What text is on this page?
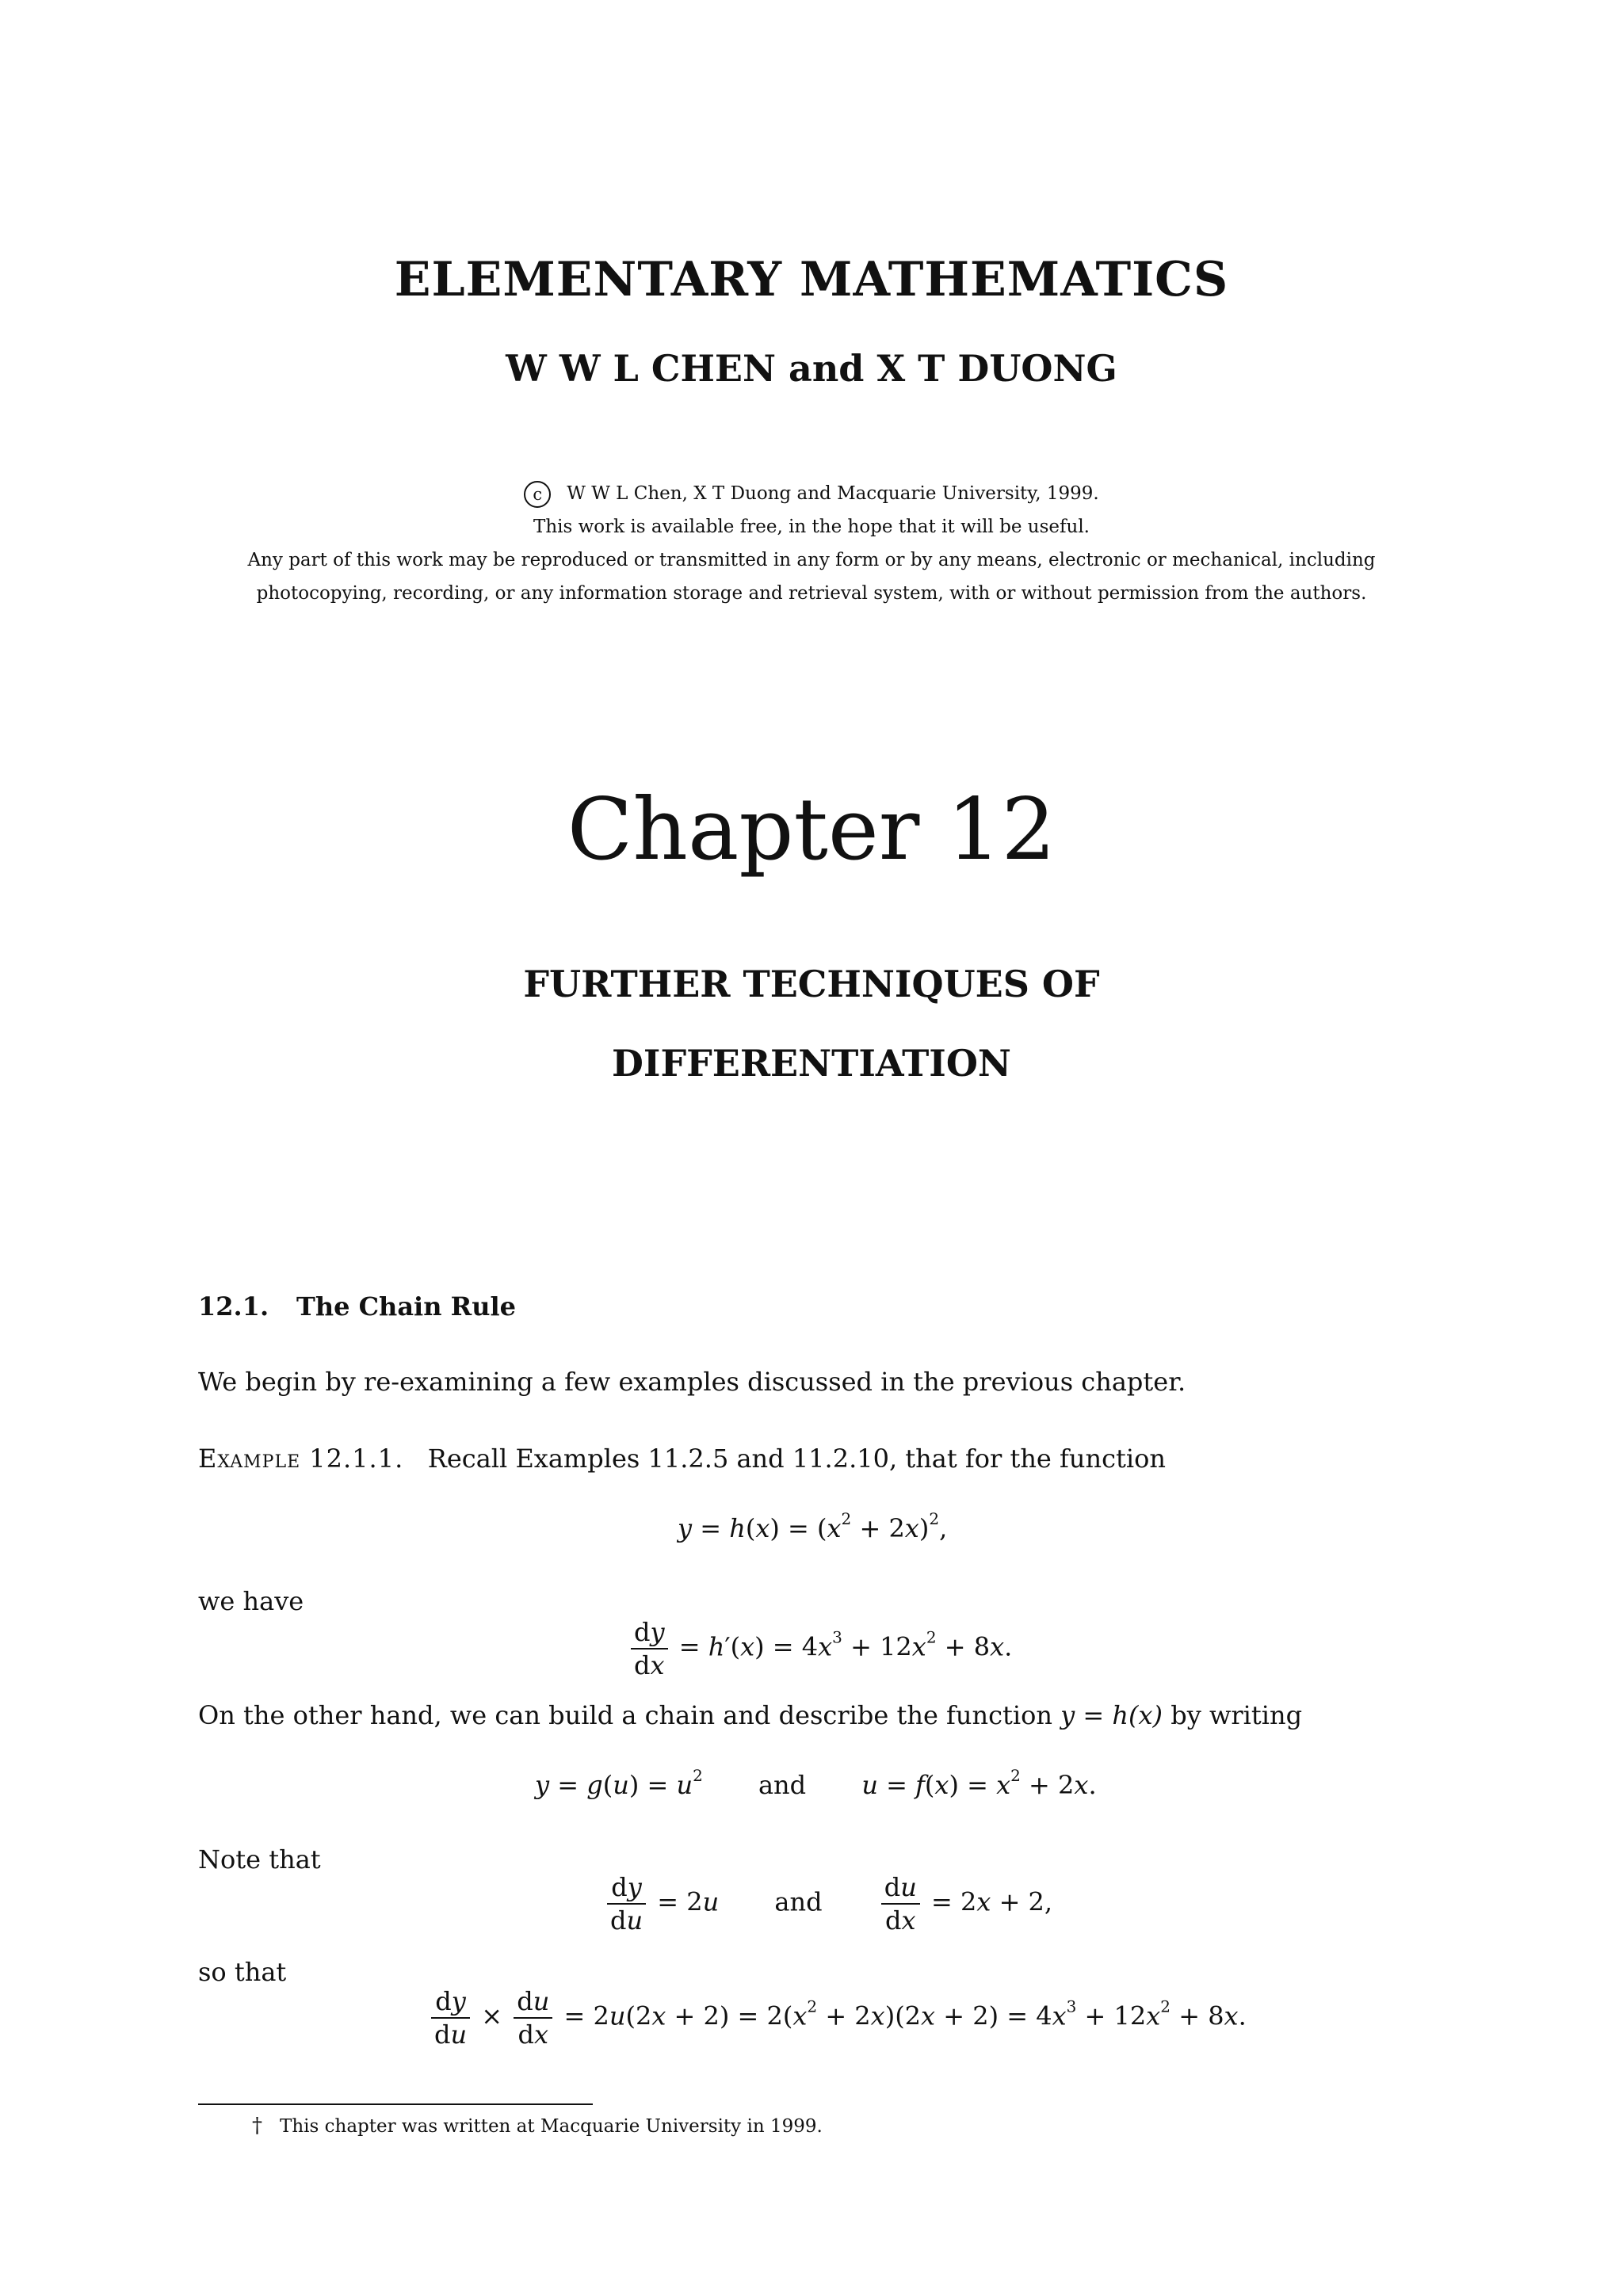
ELEMENTARY MATHEMATICS
W W L CHEN and X T DUONG
c W W L Chen, X T Duong and Macquarie University, 1999.
This work is available free, in the hope that it will be useful.
Any part of this work may be reproduced or transmitted in any form or by any means, electronic or mechanical, including
photocopying, recording, or any information storage and retrieval system, with or without permission from the authors.
Chapter 12
FURTHER TECHNIQUES OF
DIFFERENTIATION
12.1. The Chain Rule
We begin by re-examining a few examples discussed in the previous chapter.
Example 12.1.1. Recall Examples 11.2.5 and 11.2.10, that for the function
$y = h(x) = (x^2 + 2x)^2$,
we have
$\frac{dy}{dx} = h'(x) = 4x^3 + 12x^2 + 8x$.
On the other hand, we can build a chain and describe the function y = h(x) by writing
$y = g(u) = u^2$ and $u = f(x) = x^2 + 2x$.
Note that
$\frac{dy}{du} = 2u$ and $\frac{du}{dx} = 2x + 2$,
so that
$\frac{dy}{du} \times \frac{du}{dx} = 2u(2x + 2) = 2(x^2 + 2x)(2x + 2) = 4x^3 + 12x^2 + 8x$.
† This chapter was written at Macquarie University in 1999.
